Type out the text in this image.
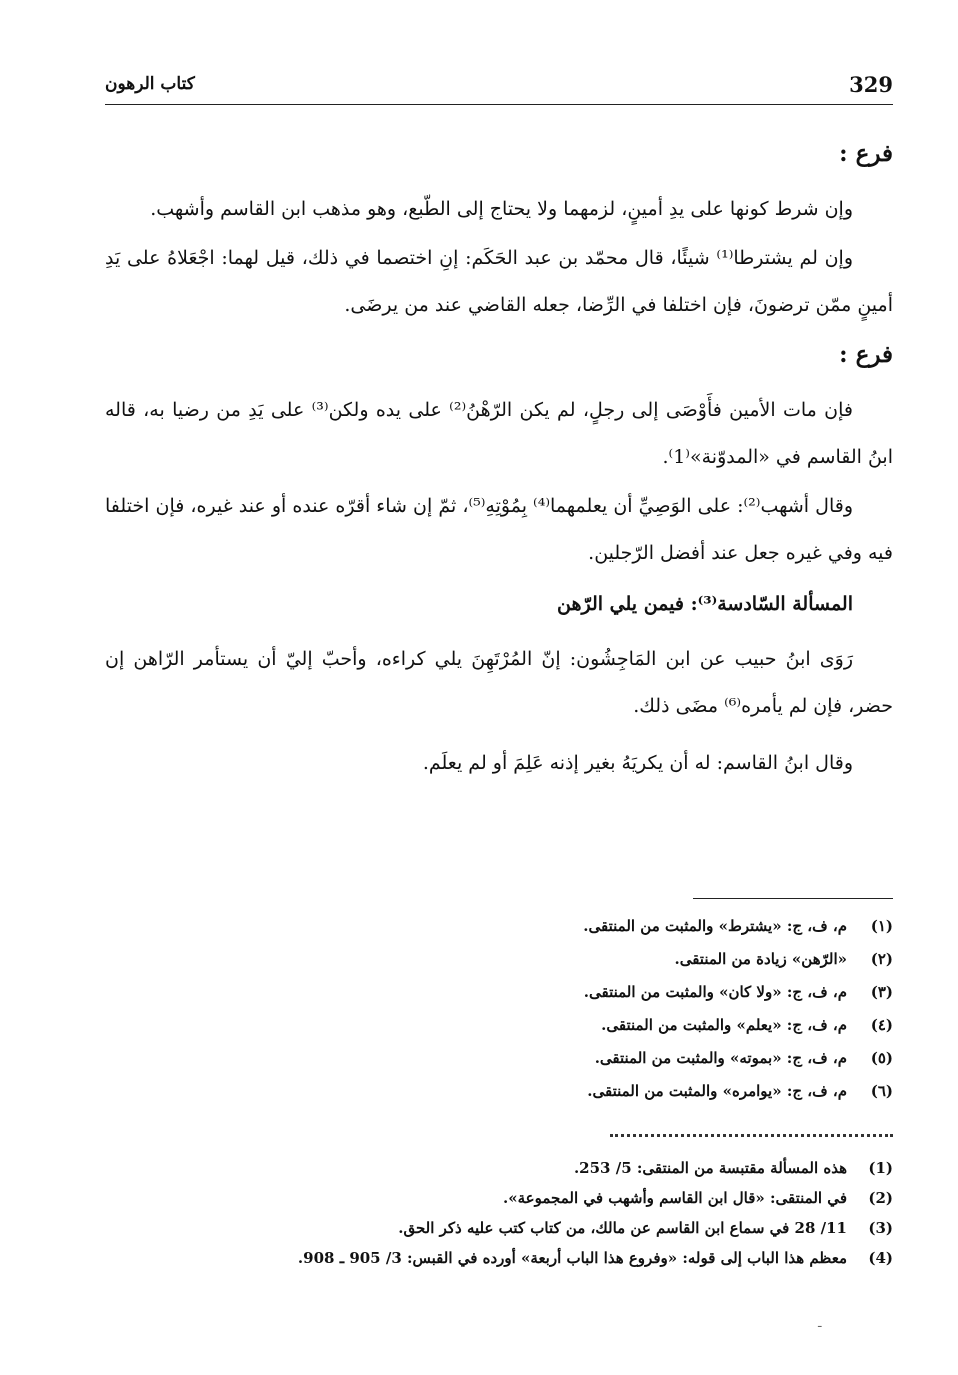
329
كتاب الرهون
فرع :

وإن شرط كونها على يدِ أمينٍ، لزمهما ولا يحتاج إلى الطّبع، وهو مذهب ابن القاسم وأشهب.

وإن لم يشترطا⁽¹⁾ شيئًا، قال محمّد بن عبد الحَكَم: إنِ اختصما في ذلك، قيل لهما: اجْعَلاهُ على يَدِ أمينٍ ممّن ترضونَ، فإن اختلفا في الرِّضا، جعله القاضي عند من يرضَى.

فرع :

فإن مات الأمين فأَوْصَى إلى رجلٍ، لم يكن الرّهْنُ⁽²⁾ على يده ولكن⁽³⁾ على يَدِ من رضيا به، قاله ابنُ القاسم في «المدوّنة»⁽1⁾.

وقال أشهب⁽²⁾: على الوَصِيِّ أن يعلمهما⁽⁴⁾ بِمُوْتِهِ⁽⁵⁾، ثمّ إن شاء أقرّه عنده أو عند غيره، فإن اختلفا فيه وفي غيره جعل عند أفضل الرّجلين.

المسألة السّادسة⁽³⁾: فيمن يلي الرّهن

رَوَى ابنُ حبيب عن ابن المَاجِشُون: إنّ المُرْتَهِنَ يلي كراءه، وأحبّ إليّ أن يستأمر الرّاهن إن حضر، فإن لم يأمره⁽⁶⁾ مضَى ذلك.

وقال ابنُ القاسم: له أن يكريَهُ بغير إذنه عَلِمَ أو لم يعلَم.

(١)
م، ف، ج: «يشترط» والمثبت من المنتقى.
(٢)
«الرّهن» زيادة من المنتقى.
(٣)
م، ف، ج: «ولا كان» والمثبت من المنتقى.
(٤)
م، ف، ج: «يعلم» والمثبت من المنتقى.
(٥)
م، ف، ج: «بموته» والمثبت من المنتقى.
(٦)
م، ف، ج: «يوامره» والمثبت من المنتقى.
(1)
هذه المسألة مقتبسة من المنتقى: 5/ 253.
(2)
في المنتقى: «قال ابن القاسم وأشهب في المجموعة».
(3)
11/ 28 في سماع ابن القاسم عن مالك، من كتاب كتب عليه ذكر الحق.
(4)
معظم هذا الباب إلى قوله: «وفروع هذا الباب أربعة» أورده في القبس: 3/ 905 ـ 908.
ـ
